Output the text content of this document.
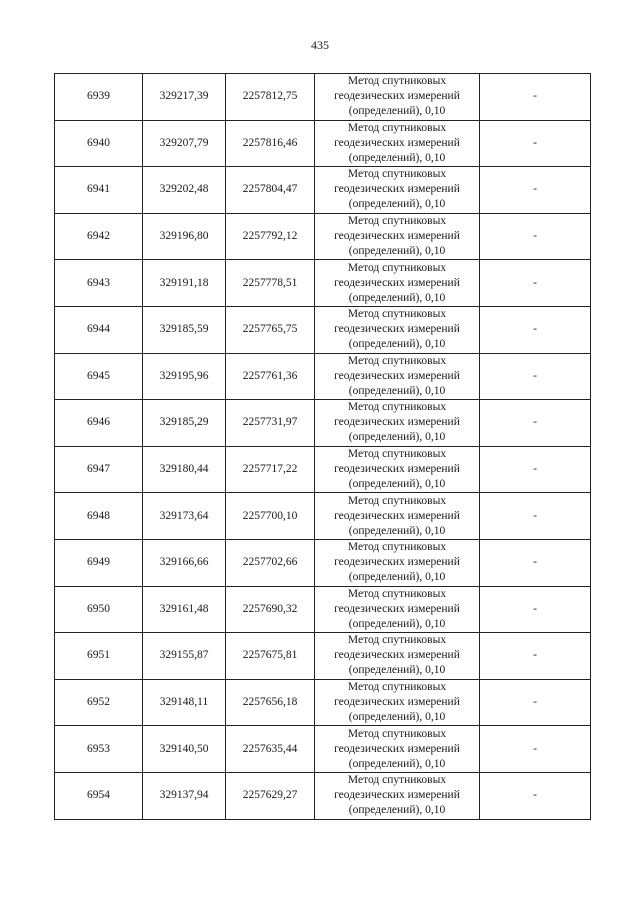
435
6939	329217,39	2257812,75	Метод спутниковых
геодезических измерений
(определений), 0,10	-
6940	329207,79	2257816,46	Метод спутниковых
геодезических измерений
(определений), 0,10	-
6941	329202,48	2257804,47	Метод спутниковых
геодезических измерений
(определений), 0,10	-
6942	329196,80	2257792,12	Метод спутниковых
геодезических измерений
(определений), 0,10	-
6943	329191,18	2257778,51	Метод спутниковых
геодезических измерений
(определений), 0,10	-
6944	329185,59	2257765,75	Метод спутниковых
геодезических измерений
(определений), 0,10	-
6945	329195,96	2257761,36	Метод спутниковых
геодезических измерений
(определений), 0,10	-
6946	329185,29	2257731,97	Метод спутниковых
геодезических измерений
(определений), 0,10	-
6947	329180,44	2257717,22	Метод спутниковых
геодезических измерений
(определений), 0,10	-
6948	329173,64	2257700,10	Метод спутниковых
геодезических измерений
(определений), 0,10	-
6949	329166,66	2257702,66	Метод спутниковых
геодезических измерений
(определений), 0,10	-
6950	329161,48	2257690,32	Метод спутниковых
геодезических измерений
(определений), 0,10	-
6951	329155,87	2257675,81	Метод спутниковых
геодезических измерений
(определений), 0,10	-
6952	329148,11	2257656,18	Метод спутниковых
геодезических измерений
(определений), 0,10	-
6953	329140,50	2257635,44	Метод спутниковых
геодезических измерений
(определений), 0,10	-
6954	329137,94	2257629,27	Метод спутниковых
геодезических измерений
(определений), 0,10	-
